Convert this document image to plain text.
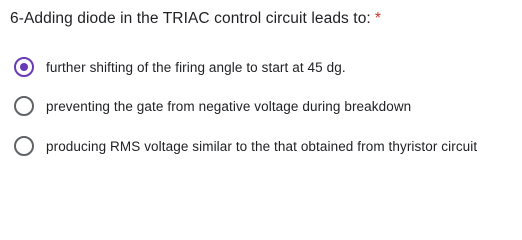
6-Adding diode in the TRIAC control circuit leads to: *
further shifting of the firing angle to start at 45 dg.
preventing the gate from negative voltage during breakdown
producing RMS voltage similar to the that obtained from thyristor circuit
